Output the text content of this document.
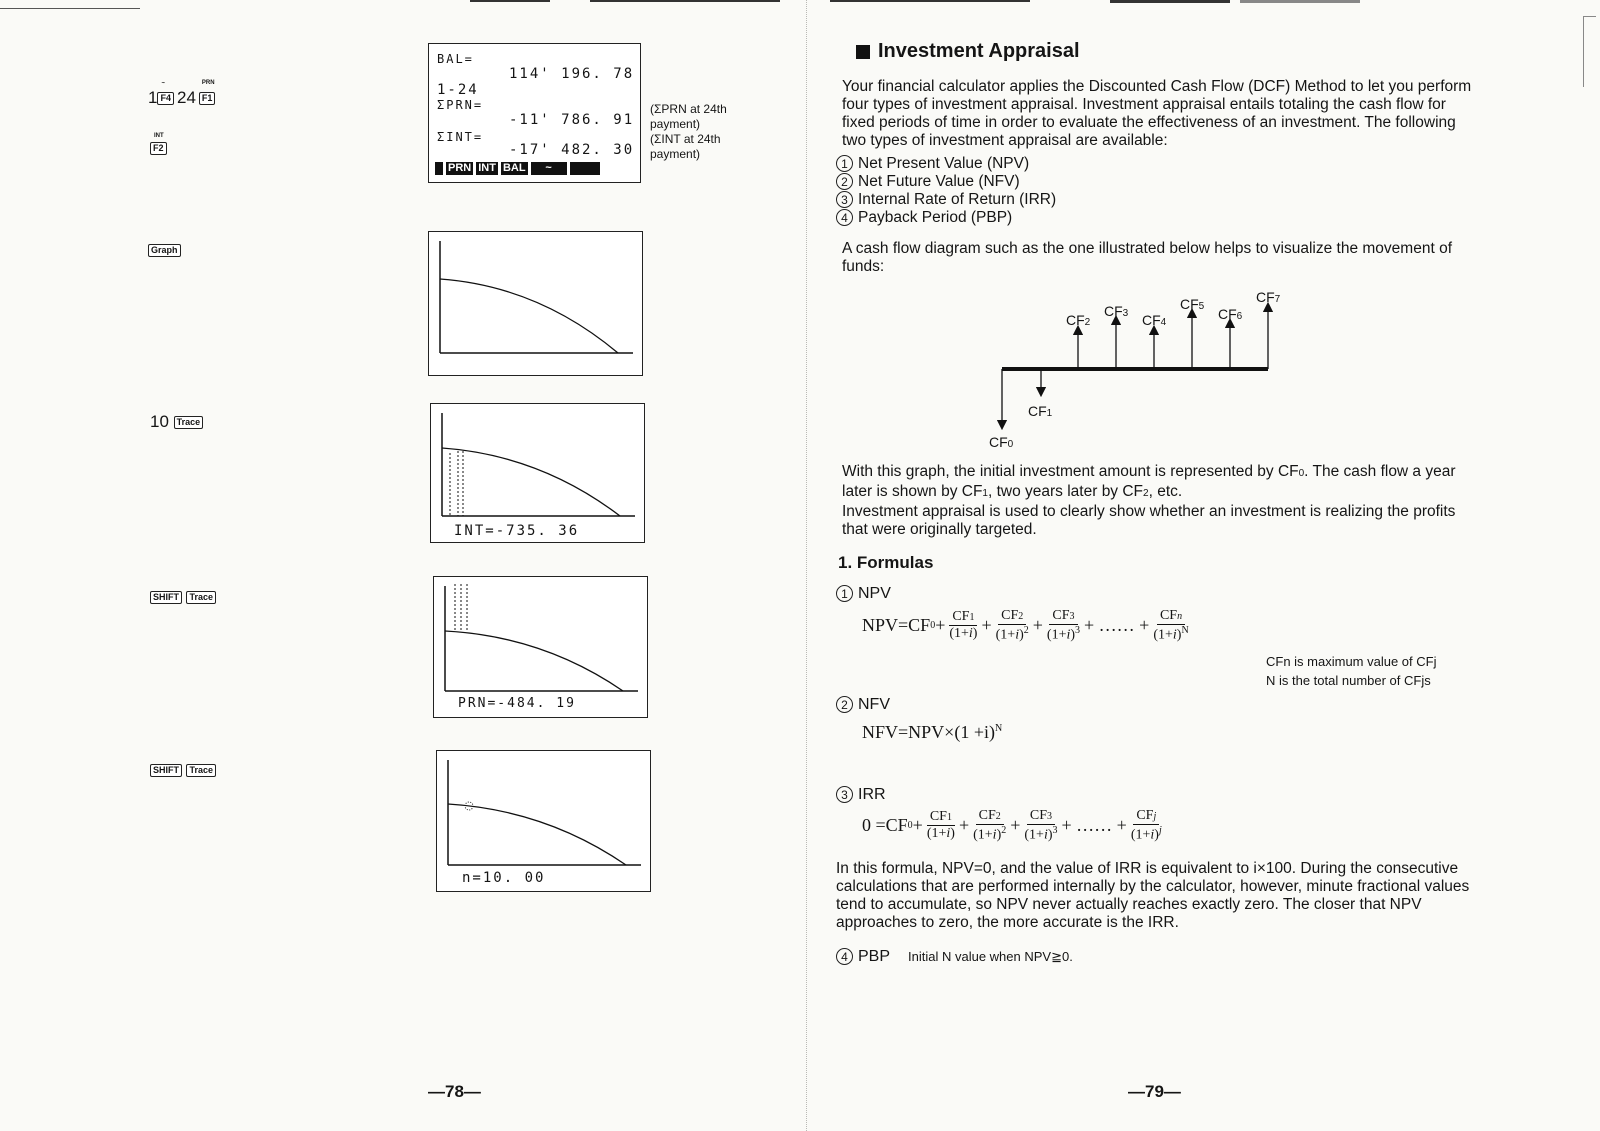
1
~
F4 24
PRN
F1
INT
F2
Graph
10 Trace
SHIFT Trace
SHIFT Trace
BAL=
114' 196. 78
1-24
ΣPRN=
-11' 786. 91
ΣINT=
-17' 482. 30
PRN INT BAL	~
(ΣPRN at 24th
payment)
(ΣINT at 24th
payment)
INT=-735. 36
PRN=-484. 19
n=10. 00
—78—
Investment Appraisal
Your financial calculator applies the Discounted Cash Flow (DCF) Method to let you perform four types of investment appraisal. Investment appraisal entails totaling the cash flow for fixed periods of time in order to evaluate the effectiveness of an investment. The following two types of investment appraisal are available:
1 Net Present Value (NPV)
2 Net Future Value (NFV)
3 Internal Rate of Return (IRR)
4 Payback Period (PBP)
A cash flow diagram such as the one illustrated below helps to visualize the movement of funds:
CF0
CF1
CF2
CF3 CF4
CF5 CF6
CF7
With this graph, the initial investment amount is represented by CF0. The cash flow a year later is shown by CF1, two years later by CF2, etc.
Investment appraisal is used to clearly show whether an investment is realizing the profits that were originally targeted.
1. Formulas
1 NPV
NPV=CF $0 + \frac{CF1}{(1+i)} + \frac{CF2}{(1+i)^2} + \frac{CF3}{(1+i)^3}$ + …… + CFn
$(1+i)^N$
CFn is maximum value of CFj
N is the total number of CFjs
2 NFV
$NFV=NPV\times(1 +i)^N$
3 IRR
0 =CF $0 + \frac{CF1}{(1+i)} + \frac{CF2}{(1+i)^2} + \frac{CF3}{(1+i)^3}$ + …… + CFj
$(1+i)^j$
In this formula, NPV=0, and the value of IRR is equivalent to i×100. During the consecutive calculations that are performed internally by the calculator, however, minute fractional values tend to accumulate, so NPV never actually reaches exactly zero. The closer that NPV approaches to zero, the more accurate is the IRR.
4 PBP Initial N value when NPV≧0.
—79—
